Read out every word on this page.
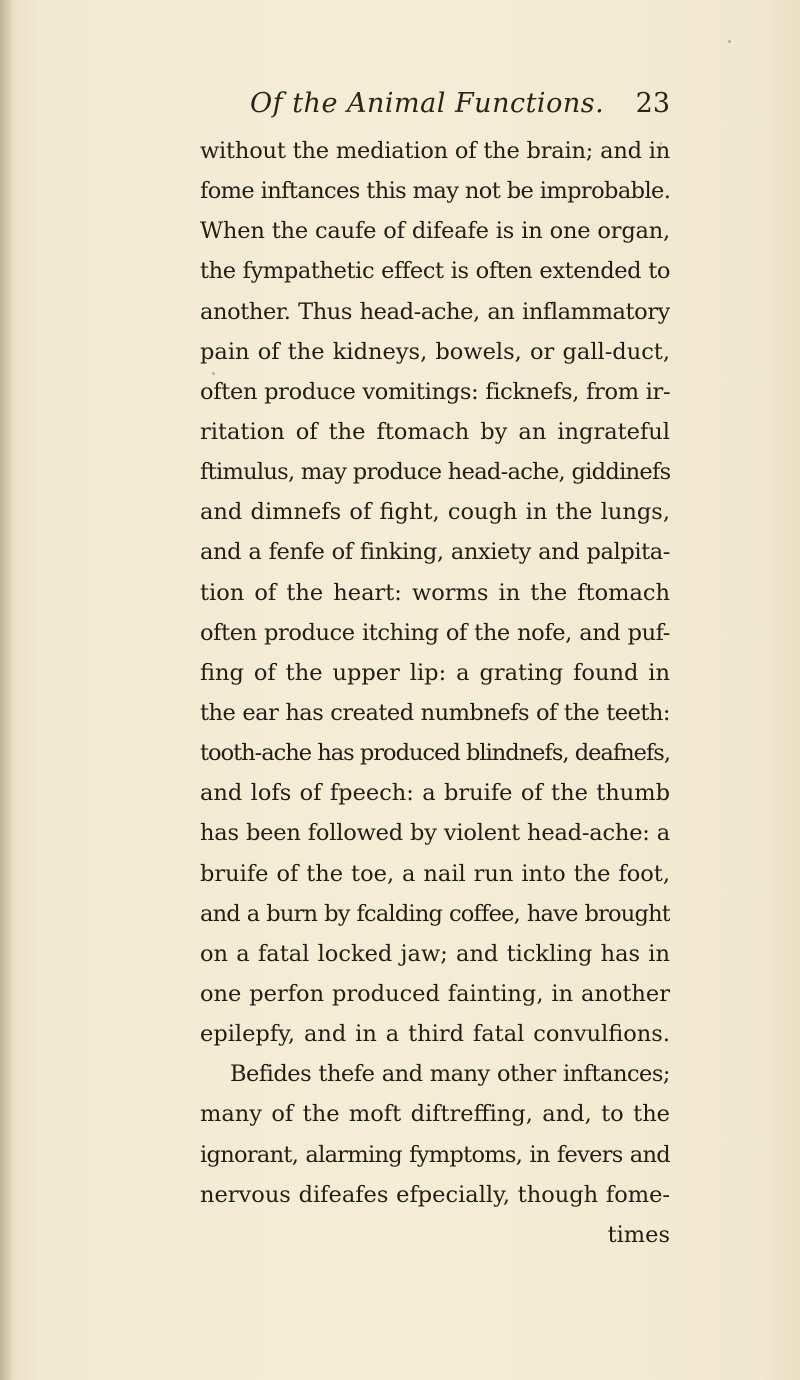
Of the Animal Functions. 23
without the mediation of the brain; and in
fome inftances this may not be improbable.
When the caufe of difeafe is in one organ,
the fympathetic effect is often extended to
another. Thus head-ache, an inflammatory
pain of the kidneys, bowels, or gall-duct,
often produce vomitings: ficknefs, from ir-
ritation of the ftomach by an ingrateful
ftimulus, may produce head-ache, giddinefs
and dimnefs of fight, cough in the lungs,
and a fenfe of finking, anxiety and palpita-
tion of the heart: worms in the ftomach
often produce itching of the nofe, and puf-
fing of the upper lip: a grating found in
the ear has created numbnefs of the teeth:
tooth-ache has produced blindnefs, deafnefs,
and lofs of fpeech: a bruife of the thumb
has been followed by violent head-ache: a
bruife of the toe, a nail run into the foot,
and a burn by fcalding coffee, have brought
on a fatal locked jaw; and tickling has in
one perfon produced fainting, in another
epilepfy, and in a third fatal convulfions.
Befides thefe and many other inftances;
many of the moft diftreffing, and, to the
ignorant, alarming fymptoms, in fevers and
nervous difeafes efpecially, though fome-
times
